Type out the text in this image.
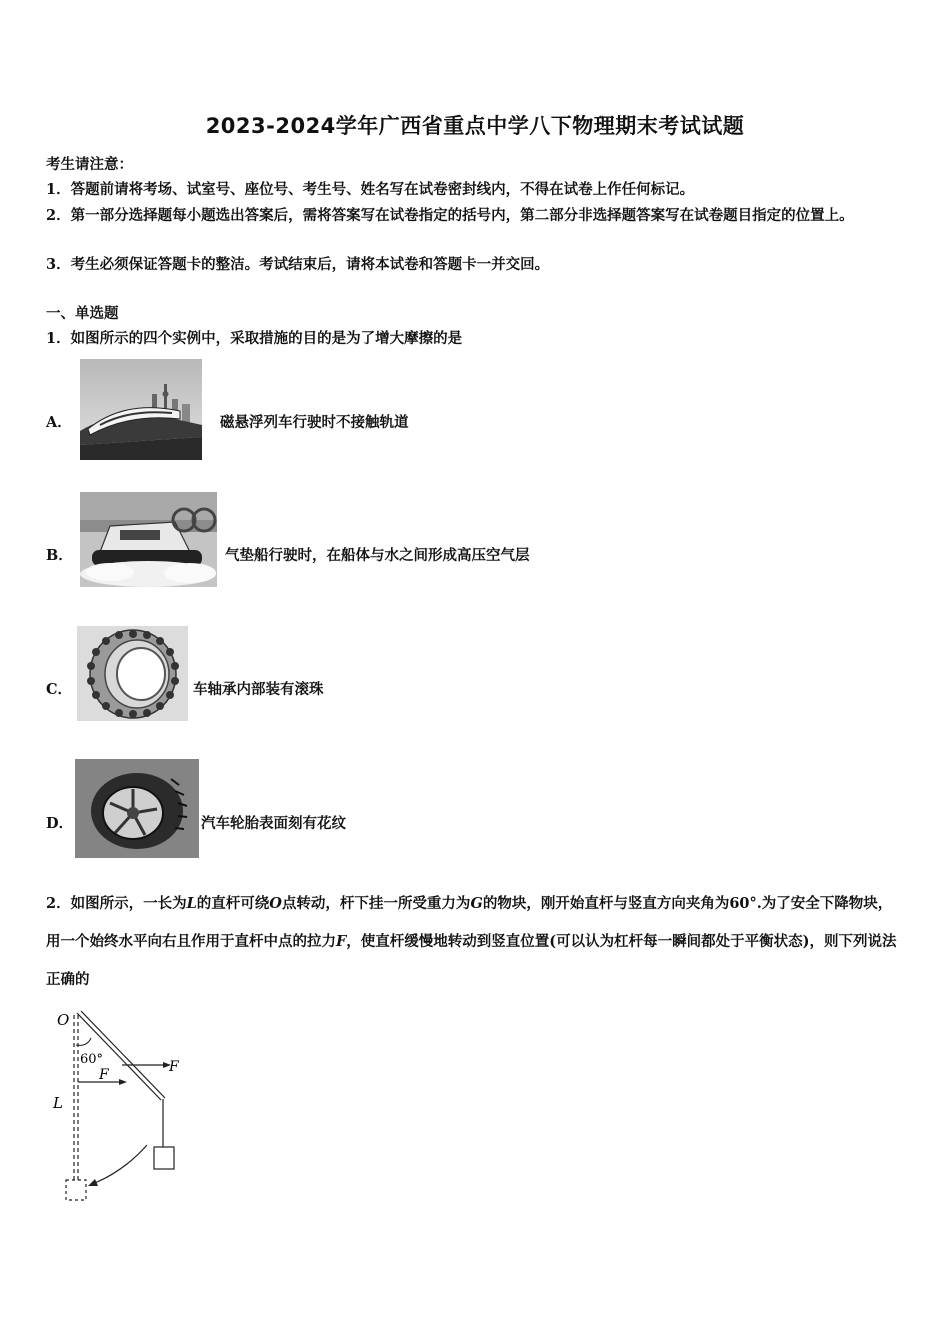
2023-2024学年广西省重点中学八下物理期末考试试题
考生请注意：
1．答题前请将考场、试室号、座位号、考生号、姓名写在试卷密封线内，不得在试卷上作任何标记。
2．第一部分选择题每小题选出答案后，需将答案写在试卷指定的括号内，第二部分非选择题答案写在试卷题目指定的位置上。
3．考生必须保证答题卡的整洁。考试结束后，请将本试卷和答题卡一并交回。
一、单选题
1．如图所示的四个实例中，采取措施的目的是为了增大摩擦的是
A．	磁悬浮列车行驶时不接触轨道
B．	气垫船行驶时，在船体与水之间形成高压空气层
C．	车轴承内部装有滚珠
D．	汽车轮胎表面刻有花纹
2．如图所示，一长为L的直杆可绕O点转动，杆下挂一所受重力为G的物块，刚开始直杆与竖直方向夹角为60°.为了安全下降物块，用一个始终水平向右且作用于直杆中点的拉力F，使直杆缓慢地转动到竖直位置(可以认为杠杆每一瞬间都处于平衡状态)，则下列说法正确的
O
60°	F
F
L
